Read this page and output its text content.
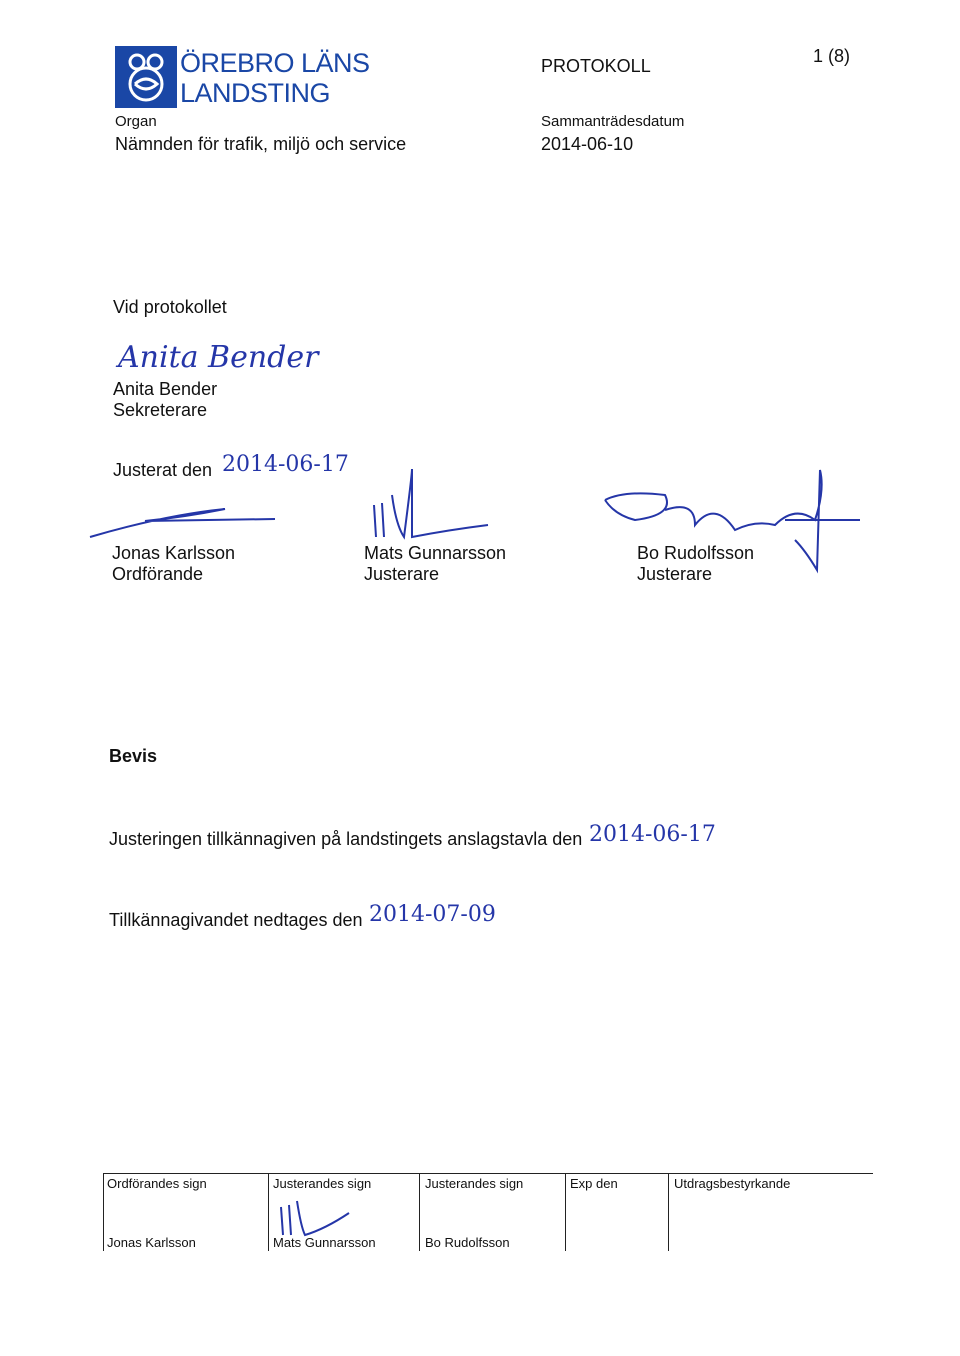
ÖREBRO LÄNS
LANDSTING
PROTOKOLL	1 (8)
Organ
Nämnden för trafik, miljö och service
Sammanträdesdatum
2014-06-10
Vid protokollet
Anita Bender
Anita Bender
Sekreterare
Justerat den 2014-06-17
Jonas Karlsson
Ordförande
Mats Gunnarsson
Justerare
Bo Rudolfsson
Justerare
Bevis
Justeringen tillkännagiven på landstingets anslagstavla den 2014-06-17
Tillkännagivandet nedtages den 2014-07-09
Ordförandes sign	Justerandes sign	Justerandes sign	Exp den	Utdragsbestyrkande
Jonas Karlsson	Mats Gunnarsson	Bo Rudolfsson
